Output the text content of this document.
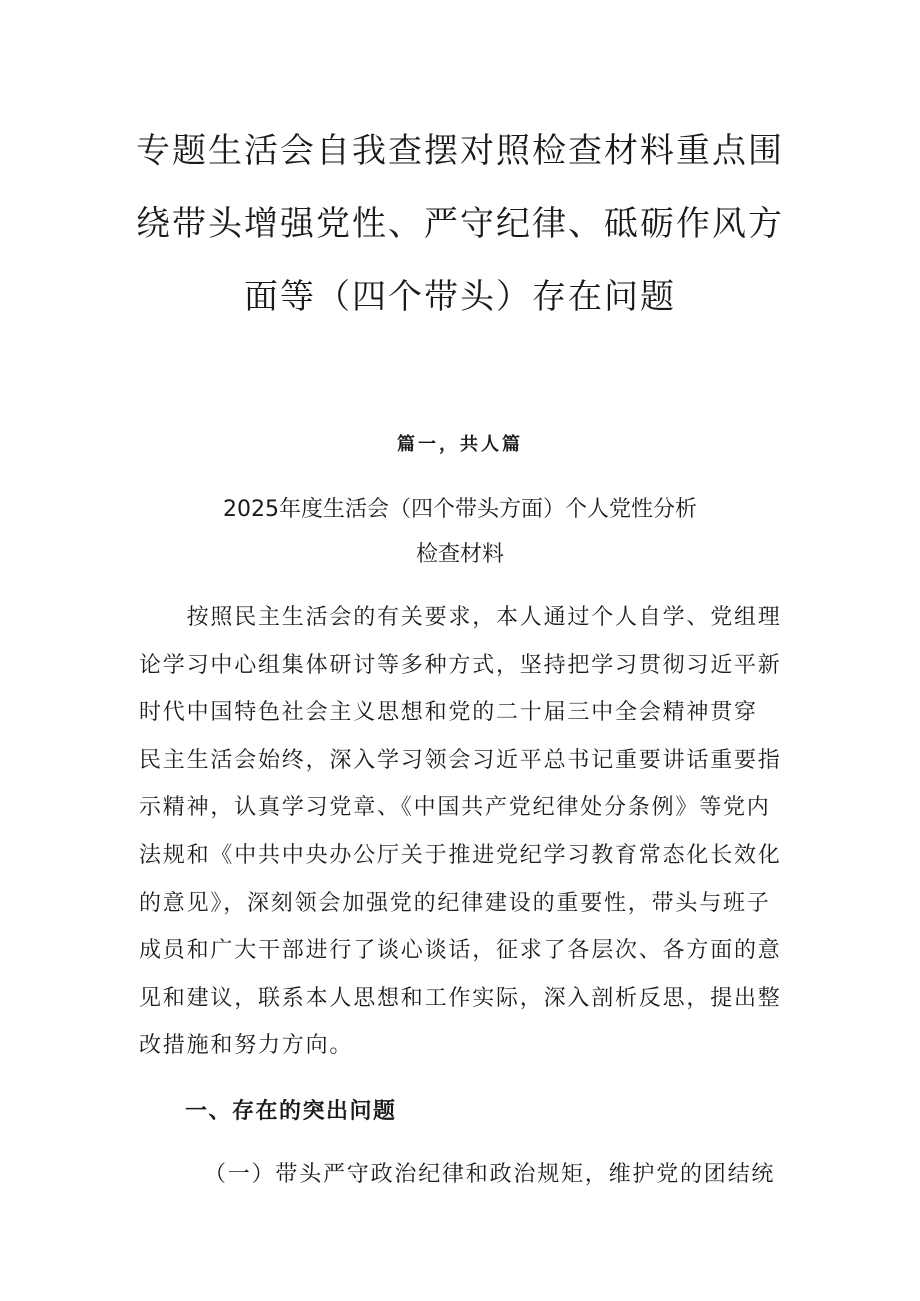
专题生活会自我查摆对照检查材料重点围
绕带头增强党性、严守纪律、砥砺作风方
面等（四个带头）存在问题
篇一，共人篇
2025年度生活会（四个带头方面）个人党性分析
检查材料
　　按照民主生活会的有关要求，本人通过个人自学、党组理
论学习中心组集体研讨等多种方式，坚持把学习贯彻习近平新
时代中国特色社会主义思想和党的二十届三中全会精神贯穿
民主生活会始终，深入学习领会习近平总书记重要讲话重要指
示精神，认真学习党章、《中国共产党纪律处分条例》等党内
法规和《中共中央办公厅关于推进党纪学习教育常态化长效化
的意见》，深刻领会加强党的纪律建设的重要性，带头与班子
成员和广大干部进行了谈心谈话，征求了各层次、各方面的意
见和建议，联系本人思想和工作实际，深入剖析反思，提出整
改措施和努力方向。
一、存在的突出问题
（一）带头严守政治纪律和政治规矩，维护党的团结统
